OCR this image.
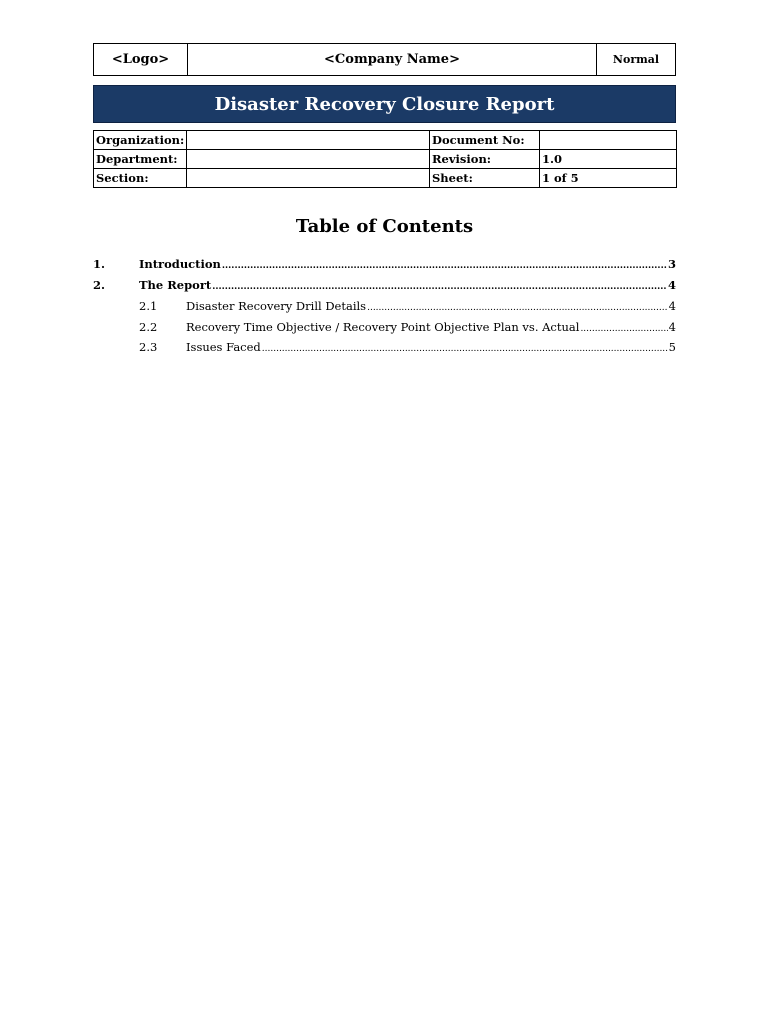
<Logo>	<Company Name>	Normal
Disaster Recovery Closure Report
Organization:		Document No:	
Department:		Revision:	1.0
Section:		Sheet:	1 of 5
Table of Contents
1.	Introduction .....	3
2.	The Report .....	4
2.1	Disaster Recovery Drill Details .....	4
2.2	Recovery Time Objective / Recovery Point Objective Plan vs. Actual .....	4
2.3	Issues Faced .....	5
